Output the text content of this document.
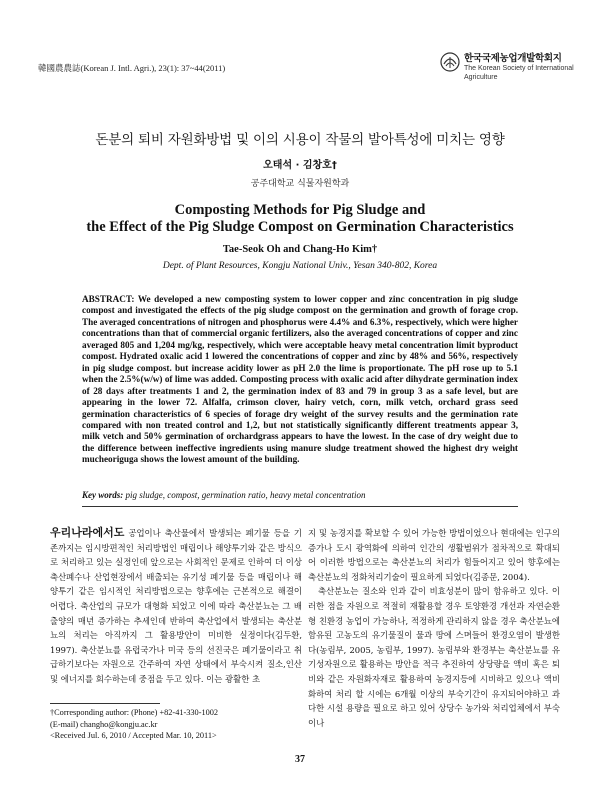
韓國農農誌(Korean J. Intl. Agri.), 23(1): 37~44(2011)
한국국제농업개발학회지
The Korean Society of International Agriculture
돈분의 퇴비 자원화방법 및 이의 시용이 작물의 발아특성에 미치는 영향
오태석 · 김창호†
공주대학교 식물자원학과
Composting Methods for Pig Sludge and
the Effect of the Pig Sludge Compost on Germination Characteristics
Tae-Seok Oh and Chang-Ho Kim†
Dept. of Plant Resources, Kongju National Univ., Yesan 340-802, Korea
ABSTRACT: We developed a new composting system to lower copper and zinc concentration in pig sludge compost and investigated the effects of the pig sludge compost on the germination and growth of forage crop. The averaged concentrations of nitrogen and phosphorus were 4.4% and 6.3%, respectively, which were higher concentrations than that of commercial organic fertilizers, also the averaged concentrations of copper and zinc averaged 805 and 1,204 mg/kg, respectively, which were acceptable heavy metal concentration limit byproduct compost. Hydrated oxalic acid 1 lowered the concentrations of copper and zinc by 48% and 56%, respectively in pig sludge compost. but increase acidity lower as pH 2.0 the lime is proportionate. The pH rose up to 5.1 when the 2.5%(w/w) of lime was added. Composting process with oxalic acid after dihydrate germination index of 28 days after treatments 1 and 2, the germination index of 83 and 79 in group 3 as a safe level, but are appearing in the lower 72. Alfalfa, crimson clover, hairy vetch, corn, milk vetch, orchard grass seed germination characteristics of 6 species of forage dry weight of the survey results and the germination rate compared with non treated control and 1,2, but not statistically significantly different treatments appear 3, milk vetch and 50% germination of orchardgrass appears to have the lowest. In the case of dry weight due to the difference between ineffective ingredients using manure sludge treatment showed the highest dry weight mucheoriguga shows the lowest amount of the building.
Key words: pig sludge, compost, germination ratio, heavy metal concentration

우리나라에서도 공업이나 축산물에서 발생되는 폐기물 등을 기존까지는 임시방편적인 처리방법인 매립이나 해양투기와 같은 방식으로 처리하고 있는 실정인데 앞으로는 사회적인 문제로 인하여 더 이상 축산폐수나 산업현장에서 배출되는 유기성 폐기물 등을 매립이나 해양투기 같은 임시적인 처리방법으로는 향후에는 근본적으로 해결이 어렵다. 축산업의 규모가 대형화 되었고 이에 따라 축산분뇨는 그 배출양의 매년 증가하는 추세인데 반하여 축산업에서 발생되는 축산분뇨의 처리는 아직까지 그 활용방안이 미비한 실정이다(김두환, 1997). 축산분뇨를 유럽국가나 미국 등의 선진국은 폐기물이라고 취급하기보다는 자원으로 간주하여 자연 상태에서 부숙시켜 질소,인산 및 에너지를 회수하는데 중점을 두고 있다. 이는 광활한 초

†Corresponding author: (Phone) +82-41-330-1002
(E-mail) changho@kongju.ac.kr
<Received Jul. 6, 2010 / Accepted Mar. 10, 2011>

지 및 농경지를 확보할 수 있어 가능한 방법이었으나 현대에는 인구의 증가나 도시 광역화에 의하여 인간의 생활범위가 점차적으로 확대되어 이러한 방법으로는 축산분뇨의 처리가 힘들어지고 있어 향후에는 축산분뇨의 정화처리기술이 필요하게 되었다(김종문, 2004).

축산분뇨는 질소와 인과 같이 비효성분이 많이 함유하고 있다. 이러한 점을 자원으로 적절히 재활용할 경우 토양환경 개선과 자연순환형 친환경 농업이 가능하나, 적정하게 관리하지 않을 경우 축산분뇨에 함유된 고농도의 유기물질이 물과 땅에 스며들어 환경오염이 발생한다(농림부, 2005, 농림부, 1997). 농림부와 환경부는 축산분뇨를 유기성자원으로 활용하는 방안을 적극 추진하여 상당량을 액비 혹은 퇴비와 같은 자원화자재로 활용하여 농경지등에 시비하고 있으나 액비화하여 처리 할 시에는 6개월 이상의 부숙기간이 유지되어야하고 과다한 시설 용량을 필요로 하고 있어 상당수 농가와 처리업체에서 부숙이나

37
